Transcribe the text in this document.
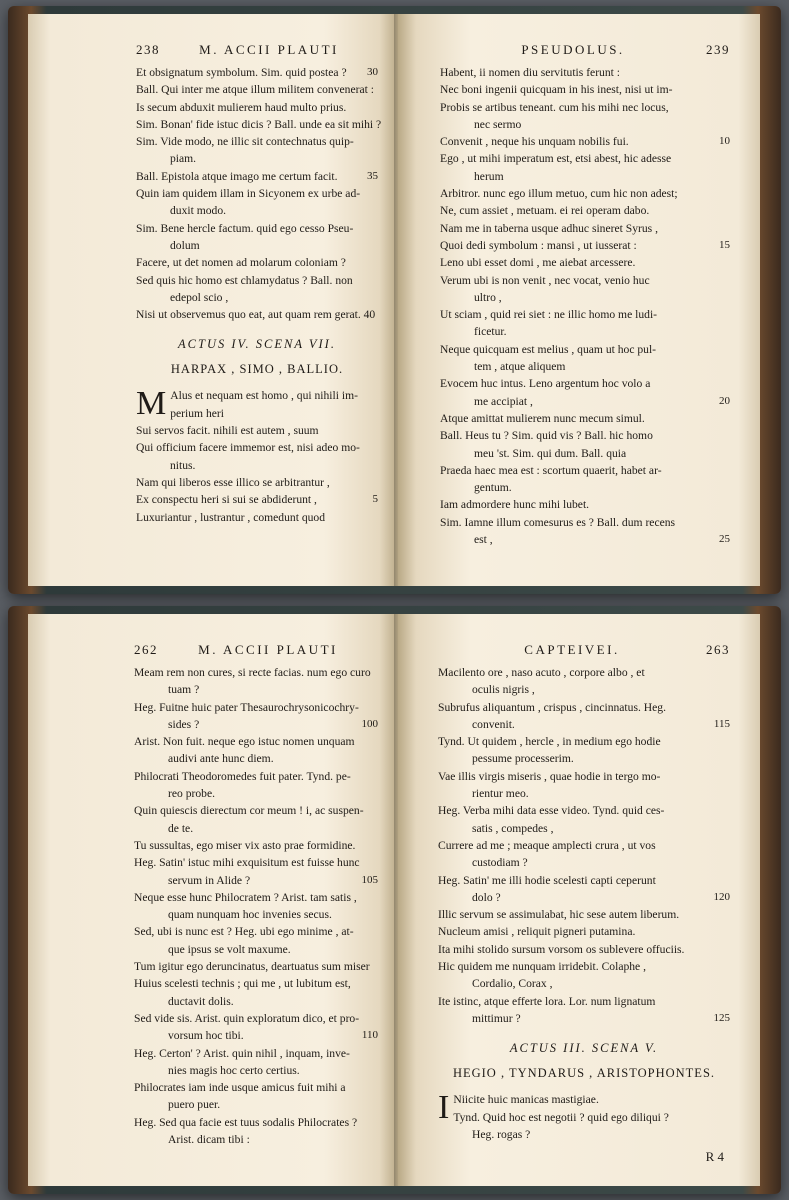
238	M. ACCII PLAUTI
Et obsignatum symbolum. Sim. quid postea ? 30
Ball. Qui inter me atque illum militem convenerat :
Is secum abduxit mulierem haud multo prius.
Sim. Bonan' fide istuc dicis ? Ball. unde ea sit mihi ?
Sim. Vide modo, ne illic sit contechnatus quip-
piam.
Ball. Epistola atque imago me certum facit.	35
Quin iam quidem illam in Sicyonem ex urbe ad-
duxit modo.
Sim. Bene hercle factum. quid ego cesso Pseu-
dolum
Facere, ut det nomen ad molarum coloniam ?
Sed quis hic homo est chlamydatus ? Ball. non
edepol scio ,
Nisi ut observemus quo eat, aut quam rem gerat. 40
ACTUS IV. SCENA VII.
HARPAX , SIMO , BALLIO.
M Alus et nequam est homo , qui nihili im-
perium heri
Sui servos facit. nihili est autem , suum
Qui officium facere immemor est, nisi adeo mo-
nitus.
Nam qui liberos esse illico se arbitrantur ,
Ex conspectu heri si sui se abdiderunt ,	5
Luxuriantur , lustrantur , comedunt quod
PSEUDOLUS.	239
Habent, ii nomen diu servitutis ferunt :
Nec boni ingenii quicquam in his inest, nisi ut im-
Probis se artibus teneant. cum his mihi nec locus,
nec sermo
Convenit , neque his unquam nobilis fui.	10
Ego , ut mihi imperatum est, etsi abest, hic adesse
herum
Arbitror. nunc ego illum metuo, cum hic non adest;
Ne, cum assiet , metuam. ei rei operam dabo.
Nam me in taberna usque adhuc sineret Syrus ,
Quoi dedi symbolum : mansi , ut iusserat :	15
Leno ubi esset domi , me aiebat arcessere.
Verum ubi is non venit , nec vocat, venio huc
ultro ,
Ut sciam , quid rei siet : ne illic homo me ludi-
ficetur.
Neque quicquam est melius , quam ut hoc pul-
tem , atque aliquem
Evocem huc intus. Leno argentum hoc volo a
me accipiat ,	20
Atque amittat mulierem nunc mecum simul.
Ball. Heus tu ? Sim. quid vis ? Ball. hic homo
meu 'st. Sim. qui dum. Ball. quia
Praeda haec mea est : scortum quaerit, habet ar-
gentum.
Iam admordere hunc mihi lubet.
Sim. Iamne illum comesurus es ? Ball. dum recens
est ,	25
262	M. ACCII PLAUTI
Meam rem non cures, si recte facias. num ego curo
tuam ?
Heg. Fuitne huic pater Thesaurochrysonicochry-
sides ?	100
Arist. Non fuit. neque ego istuc nomen unquam
audivi ante hunc diem.
Philocrati Theodoromedes fuit pater. Tynd. pe-
reo probe.
Quin quiescis dierectum cor meum ! i, ac suspen-
de te.
Tu sussultas, ego miser vix asto prae formidine.
Heg. Satin' istuc mihi exquisitum est fuisse hunc
servum in Alide ?	105
Neque esse hunc Philocratem ? Arist. tam satis ,
quam nunquam hoc invenies secus.
Sed, ubi is nunc est ? Heg. ubi ego minime , at-
que ipsus se volt maxume.
Tum igitur ego deruncinatus, deartuatus sum miser
Huius scelesti technis ; qui me , ut lubitum est,
ductavit dolis.
Sed vide sis. Arist. quin exploratum dico, et pro-
vorsum hoc tibi.	110
Heg. Certon' ? Arist. quin nihil , inquam, inve-
nies magis hoc certo certius.
Philocrates iam inde usque amicus fuit mihi a
puero puer.
Heg. Sed qua facie est tuus sodalis Philocrates ?
Arist. dicam tibi :
CAPTEIVEI.	263
Macilento ore , naso acuto , corpore albo , et
oculis nigris ,
Subrufus aliquantum , crispus , cincinnatus. Heg.
convenit.	115
Tynd. Ut quidem , hercle , in medium ego hodie
pessume processerim.
Vae illis virgis miseris , quae hodie in tergo mo-
rientur meo.
Heg. Verba mihi data esse video. Tynd. quid ces-
satis , compedes ,
Currere ad me ; meaque amplecti crura , ut vos
custodiam ?
Heg. Satin' me illi hodie scelesti capti ceperunt
dolo ?	120
Illic servum se assimulabat, hic sese autem liberum.
Nucleum amisi , reliquit pigneri putamina.
Ita mihi stolido sursum vorsom os sublevere offuciis.
Hic quidem me nunquam irridebit. Colaphe ,
Cordalio, Corax ,
Ite istinc, atque efferte lora. Lor. num lignatum
mittimur ?	125
ACTUS III. SCENA V.
HEGIO , TYNDARUS , ARISTOPHONTES.
I Niicite huic manicas mastigiae.
Tynd. Quid hoc est negotii ? quid ego diliqui ?
Heg. rogas ?
R 4
